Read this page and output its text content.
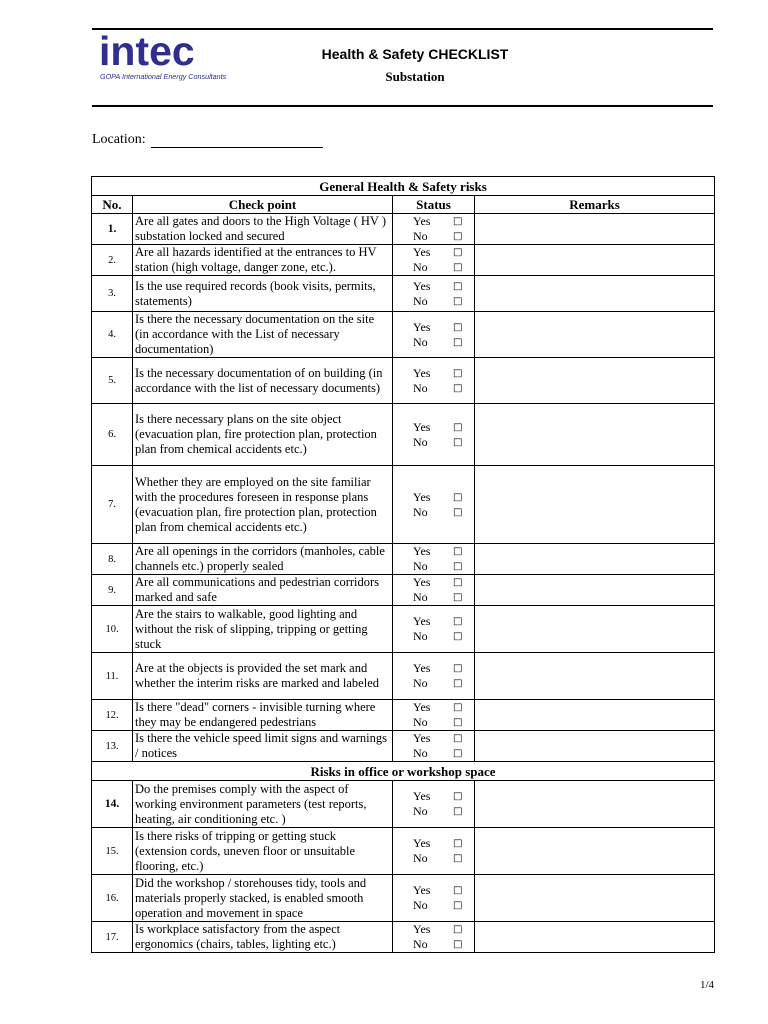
intec
GOPA International Energy Consultants
Health & Safety CHECKLIST
Substation
Location:
General Health & Safety risks			
No.	Check point	Status	Remarks
1.	Are all gates and doors to the High Voltage ( HV ) substation locked and secured	Yes □
No □	

2.	Are all hazards identified at the entrances to HV station (high voltage, danger zone, etc.).	Yes □
No □	

3.	Is the use required records (book visits, permits, statements)	Yes □
No □	

4.	Is there the necessary documentation on the site (in accordance with the List of necessary documentation)	Yes □
No □	

5.	Is the necessary documentation of on building (in accordance with the list of necessary documents)	Yes □
No □	

6.	Is there necessary plans on the site object (evacuation plan, fire protection plan, protection plan from chemical accidents etc.)	Yes □
No □	

7.	Whether they are employed on the site familiar with the procedures foreseen in response plans (evacuation plan, fire protection plan, protection plan from chemical accidents etc.)	Yes □
No □	

8.	Are all openings in the corridors (manholes, cable channels etc.) properly sealed	Yes □
No □	

9.	Are all communications and pedestrian corridors marked and safe	Yes □
No □	

10.	Are the stairs to walkable, good lighting and without the risk of slipping, tripping or getting stuck	Yes □
No □	

11.	Are at the objects is provided the set mark and whether the interim risks are marked and labeled	Yes □
No □	

12.	Is there "dead" corners - invisible turning where they may be endangered pedestrians	Yes □
No □	

13.	Is there the vehicle speed limit signs and warnings / notices	Yes □
No □	

Risks in office or workshop space			
14.	Do the premises comply with the aspect of working environment parameters (test reports, heating, air conditioning etc. )	Yes □
No □	

15.	Is there risks of tripping or getting stuck (extension cords, uneven floor or unsuitable flooring, etc.)	Yes □
No □	

16.	Did the workshop / storehouses tidy, tools and materials properly stacked, is enabled smooth operation and movement in space	Yes □
No □	

17.	Is workplace satisfactory from the aspect ergonomics (chairs, tables, lighting etc.)	Yes □
No □	

1/4
